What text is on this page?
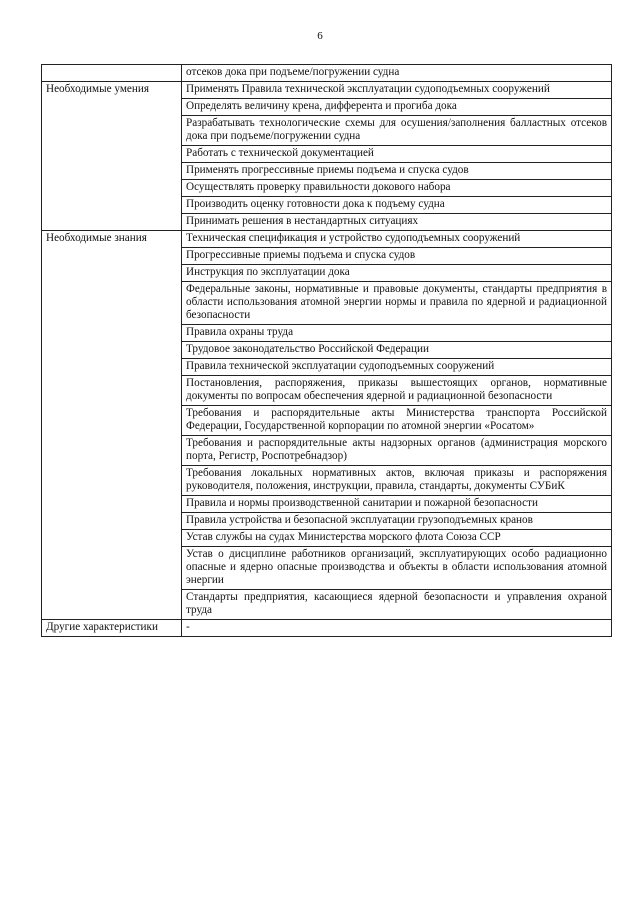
6
	отсеков дока при подъеме/погружении судна
Необходимые умения	Применять Правила технической эксплуатации судоподъемных сооружений
	Определять величину крена, дифферента и прогиба дока
	Разрабатывать технологические схемы для осушения/заполнения балластных отсеков дока при подъеме/погружении судна
	Работать с технической документацией
	Применять прогрессивные приемы подъема и спуска судов
	Осуществлять проверку правильности докового набора
	Производить оценку готовности дока к подъему судна
	Принимать решения в нестандартных ситуациях
Необходимые знания	Техническая спецификация и устройство судоподъемных сооружений
	Прогрессивные приемы подъема и спуска судов
	Инструкция по эксплуатации дока
	Федеральные законы, нормативные и правовые документы, стандарты предприятия в области использования атомной энергии нормы и правила по ядерной и радиационной безопасности
	Правила охраны труда
	Трудовое законодательство Российской Федерации
	Правила технической эксплуатации судоподъемных сооружений
	Постановления, распоряжения, приказы вышестоящих органов, нормативные документы по вопросам обеспечения ядерной и радиационной безопасности
	Требования и распорядительные акты Министерства транспорта Российской Федерации, Государственной корпорации по атомной энергии «Росатом»
	Требования и распорядительные акты надзорных органов (администрация морского порта, Регистр, Роспотребнадзор)
	Требования локальных нормативных актов, включая приказы и распоряжения руководителя, положения, инструкции, правила, стандарты, документы СУБиК
	Правила и нормы производственной санитарии и пожарной безопасности
	Правила устройства и безопасной эксплуатации грузоподъемных кранов
	Устав службы на судах Министерства морского флота Союза ССР
	Устав о дисциплине работников организаций, эксплуатирующих особо радиационно опасные и ядерно опасные производства и объекты в области использования атомной энергии
	Стандарты предприятия, касающиеся ядерной безопасности и управления охраной труда
Другие характеристики	-
